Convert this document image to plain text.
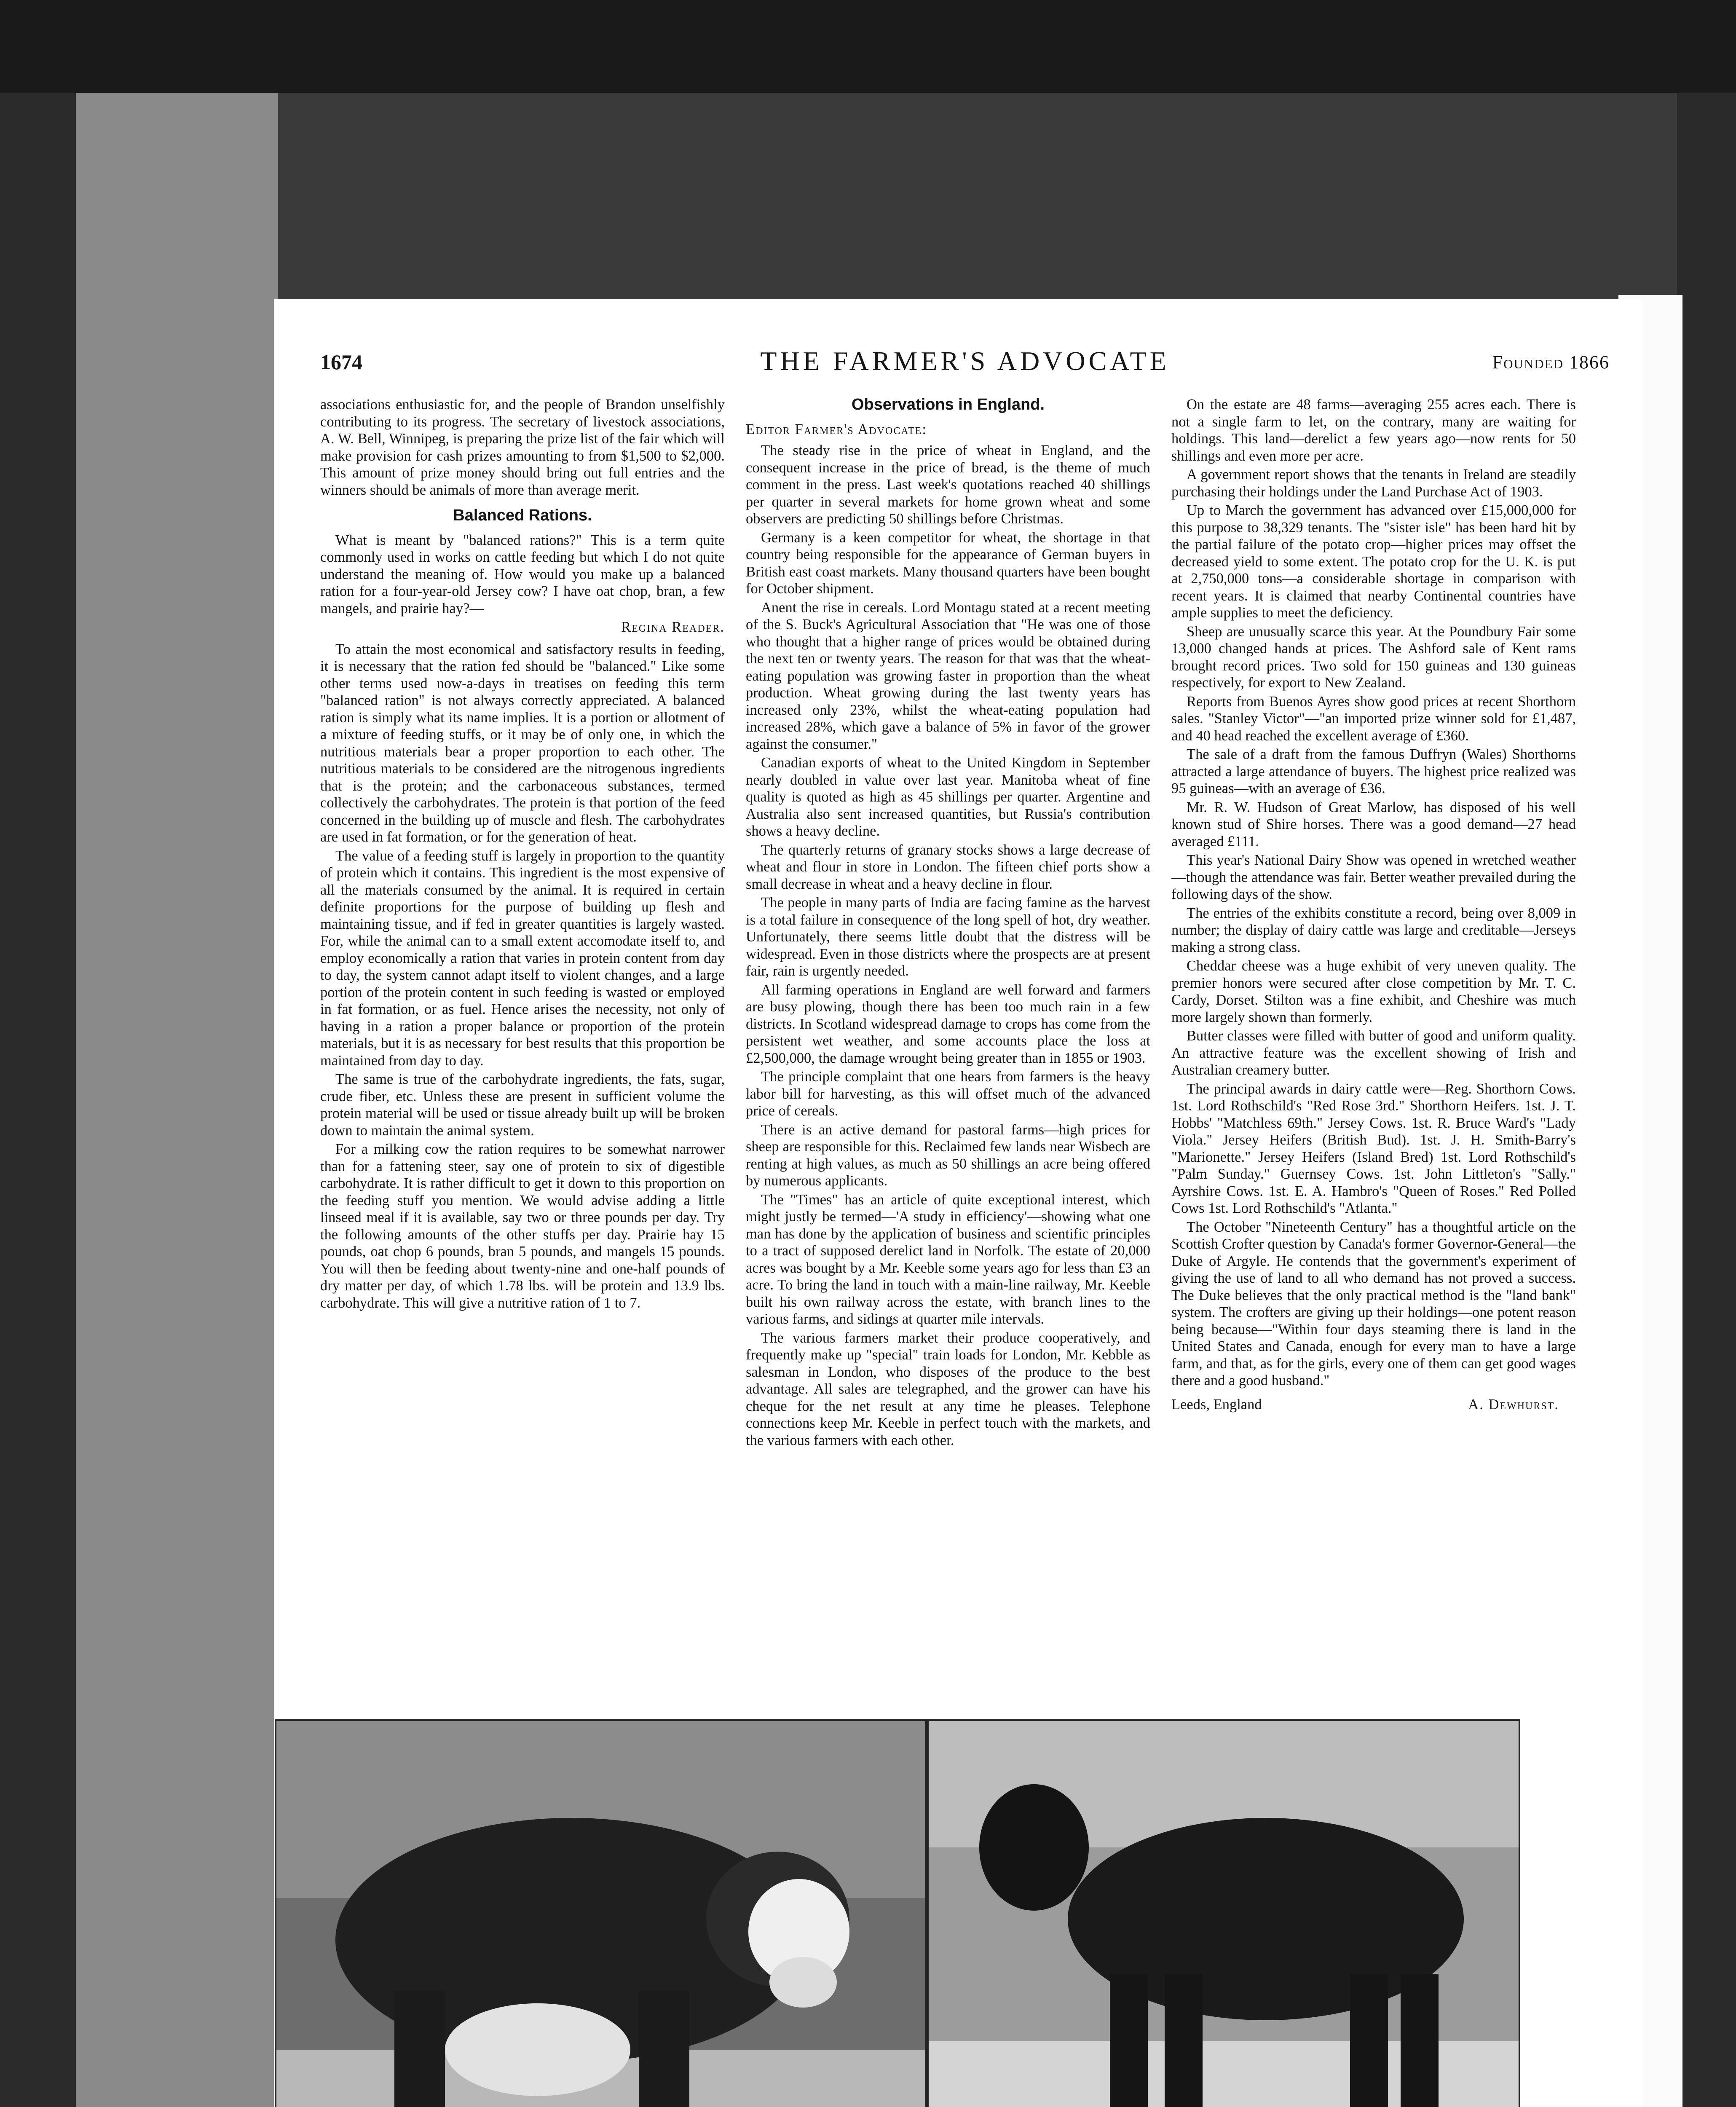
1674	THE FARMER'S ADVOCATE	Founded 1866

associations enthusiastic for, and the people of Brandon unselfishly contributing to its progress. The secretary of livestock associations, A. W. Bell, Winnipeg, is preparing the prize list of the fair which will make provision for cash prizes amounting to from $1,500 to $2,000. This amount of prize money should bring out full entries and the winners should be animals of more than average merit.

Balanced Rations.

What is meant by "balanced rations?" This is a term quite commonly used in works on cattle feeding but which I do not quite understand the meaning of. How would you make up a balanced ration for a four-year-old Jersey cow? I have oat chop, bran, a few mangels, and prairie hay?—

Regina Reader.

To attain the most economical and satisfactory results in feeding, it is necessary that the ration fed should be "balanced." Like some other terms used now-a-days in treatises on feeding this term "balanced ration" is not always correctly appreciated. A balanced ration is simply what its name implies. It is a portion or allotment of a mixture of feeding stuffs, or it may be of only one, in which the nutritious materials bear a proper proportion to each other. The nutritious materials to be considered are the nitrogenous ingredients that is the protein; and the carbonaceous substances, termed collectively the carbohydrates. The protein is that portion of the feed concerned in the building up of muscle and flesh. The carbohydrates are used in fat formation, or for the generation of heat.

The value of a feeding stuff is largely in proportion to the quantity of protein which it contains. This ingredient is the most expensive of all the materials consumed by the animal. It is required in certain definite proportions for the purpose of building up flesh and maintaining tissue, and if fed in greater quantities is largely wasted. For, while the animal can to a small extent accomodate itself to, and employ economically a ration that varies in protein content from day to day, the system cannot adapt itself to violent changes, and a large portion of the protein content in such feeding is wasted or employed in fat formation, or as fuel. Hence arises the necessity, not only of having in a ration a proper balance or proportion of the protein materials, but it is as necessary for best results that this proportion be maintained from day to day.

The same is true of the carbohydrate ingredients, the fats, sugar, crude fiber, etc. Unless these are present in sufficient volume the protein material will be used or tissue already built up will be broken down to maintain the animal system.

For a milking cow the ration requires to be somewhat narrower than for a fattening steer, say one of protein to six of digestible carbohydrate. It is rather difficult to get it down to this proportion on the feeding stuff you mention. We would advise adding a little linseed meal if it is available, say two or three pounds per day. Try the following amounts of the other stuffs per day. Prairie hay 15 pounds, oat chop 6 pounds, bran 5 pounds, and mangels 15 pounds. You will then be feeding about twenty-nine and one-half pounds of dry matter per day, of which 1.78 lbs. will be protein and 13.9 lbs. carbohydrate. This will give a nutritive ration of 1 to 7.

Observations in England.
Editor Farmer's Advocate:

The steady rise in the price of wheat in England, and the consequent increase in the price of bread, is the theme of much comment in the press. Last week's quotations reached 40 shillings per quarter in several markets for home grown wheat and some observers are predicting 50 shillings before Christmas.

Germany is a keen competitor for wheat, the shortage in that country being responsible for the appearance of German buyers in British east coast markets. Many thousand quarters have been bought for October shipment.

Anent the rise in cereals. Lord Montagu stated at a recent meeting of the S. Buck's Agricultural Association that "He was one of those who thought that a higher range of prices would be obtained during the next ten or twenty years. The reason for that was that the wheat-eating population was growing faster in proportion than the wheat production. Wheat growing during the last twenty years has increased only 23%, whilst the wheat-eating population had increased 28%, which gave a balance of 5% in favor of the grower against the consumer."

Canadian exports of wheat to the United Kingdom in September nearly doubled in value over last year. Manitoba wheat of fine quality is quoted as high as 45 shillings per quarter. Argentine and Australia also sent increased quantities, but Russia's contribution shows a heavy decline.

The quarterly returns of granary stocks shows a large decrease of wheat and flour in store in London. The fifteen chief ports show a small decrease in wheat and a heavy decline in flour.

The people in many parts of India are facing famine as the harvest is a total failure in consequence of the long spell of hot, dry weather. Unfortunately, there seems little doubt that the distress will be widespread. Even in those districts where the prospects are at present fair, rain is urgently needed.

All farming operations in England are well forward and farmers are busy plowing, though there has been too much rain in a few districts. In Scotland widespread damage to crops has come from the persistent wet weather, and some accounts place the loss at £2,500,000, the damage wrought being greater than in 1855 or 1903.

The principle complaint that one hears from farmers is the heavy labor bill for harvesting, as this will offset much of the advanced price of cereals.

There is an active demand for pastoral farms—high prices for sheep are responsible for this. Reclaimed few lands near Wisbech are renting at high values, as much as 50 shillings an acre being offered by numerous applicants.

The "Times" has an article of quite exceptional interest, which might justly be termed—'A study in efficiency'—showing what one man has done by the application of business and scientific principles to a tract of supposed derelict land in Norfolk. The estate of 20,000 acres was bought by a Mr. Keeble some years ago for less than £3 an acre. To bring the land in touch with a main-line railway, Mr. Keeble built his own railway across the estate, with branch lines to the various farms, and sidings at quarter mile intervals.

The various farmers market their produce cooperatively, and frequently make up "special" train loads for London, Mr. Kebble as salesman in London, who disposes of the produce to the best advantage. All sales are telegraphed, and the grower can have his cheque for the net result at any time he pleases. Telephone connections keep Mr. Keeble in perfect touch with the markets, and the various farmers with each other.

On the estate are 48 farms—averaging 255 acres each. There is not a single farm to let, on the contrary, many are waiting for holdings. This land—derelict a few years ago—now rents for 50 shillings and even more per acre.

A government report shows that the tenants in Ireland are steadily purchasing their holdings under the Land Purchase Act of 1903.

Up to March the government has advanced over £15,000,000 for this purpose to 38,329 tenants. The "sister isle" has been hard hit by the partial failure of the potato crop—higher prices may offset the decreased yield to some extent. The potato crop for the U. K. is put at 2,750,000 tons—a considerable shortage in comparison with recent years. It is claimed that nearby Continental countries have ample supplies to meet the deficiency.

Sheep are unusually scarce this year. At the Poundbury Fair some 13,000 changed hands at prices. The Ashford sale of Kent rams brought record prices. Two sold for 150 guineas and 130 guineas respectively, for export to New Zealand.

Reports from Buenos Ayres show good prices at recent Shorthorn sales. "Stanley Victor"—"an imported prize winner sold for £1,487, and 40 head reached the excellent average of £360.

The sale of a draft from the famous Duffryn (Wales) Shorthorns attracted a large attendance of buyers. The highest price realized was 95 guineas—with an average of £36.

Mr. R. W. Hudson of Great Marlow, has disposed of his well known stud of Shire horses. There was a good demand—27 head averaged £111.

This year's National Dairy Show was opened in wretched weather—though the attendance was fair. Better weather prevailed during the following days of the show.

The entries of the exhibits constitute a record, being over 8,009 in number; the display of dairy cattle was large and creditable—Jerseys making a strong class.

Cheddar cheese was a huge exhibit of very uneven quality. The premier honors were secured after close competition by Mr. T. C. Cardy, Dorset. Stilton was a fine exhibit, and Cheshire was much more largely shown than formerly.

Butter classes were filled with butter of good and uniform quality. An attractive feature was the excellent showing of Irish and Australian creamery butter.

The principal awards in dairy cattle were—Reg. Shorthorn Cows. 1st. Lord Rothschild's "Red Rose 3rd." Shorthorn Heifers. 1st. J. T. Hobbs' "Matchless 69th." Jersey Cows. 1st. R. Bruce Ward's "Lady Viola." Jersey Heifers (British Bud). 1st. J. H. Smith-Barry's "Marionette." Jersey Heifers (Island Bred) 1st. Lord Rothschild's "Palm Sunday." Guernsey Cows. 1st. John Littleton's "Sally." Ayrshire Cows. 1st. E. A. Hambro's "Queen of Roses." Red Polled Cows 1st. Lord Rothschild's "Atlanta."

The October "Nineteenth Century" has a thoughtful article on the Scottish Crofter question by Canada's former Governor-General—the Duke of Argyle. He contends that the government's experiment of giving the use of land to all who demand has not proved a success. The Duke believes that the only practical method is the "land bank" system. The crofters are giving up their holdings—one potent reason being because—"Within four days steaming there is land in the United States and Canada, enough for every man to have a large farm, and that, as for the girls, every one of them can get good wages there and a good husband."

Leeds, England	A. Dewhurst.
